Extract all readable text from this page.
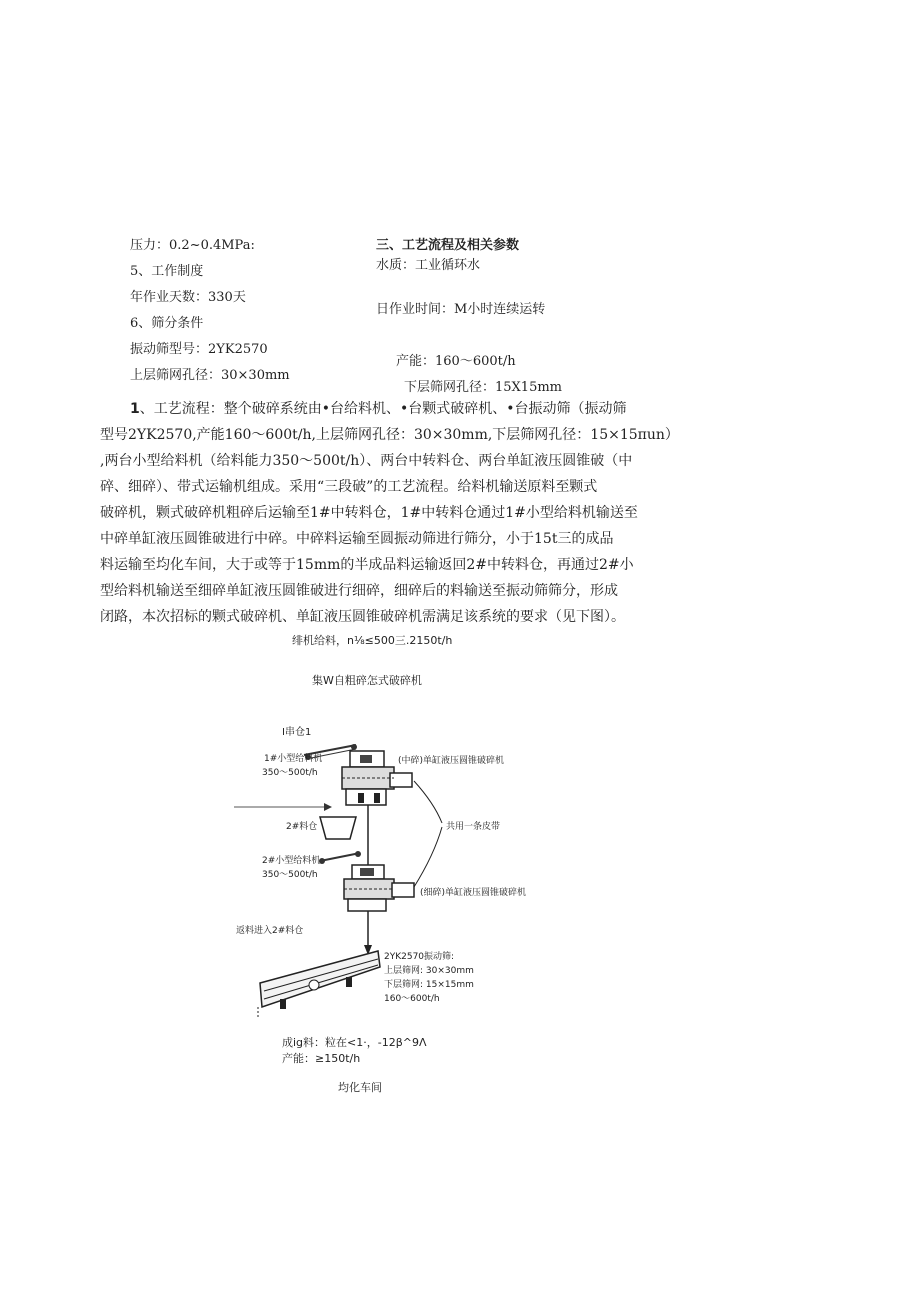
压力：0.2~0.4MPa:
5、工作制度
年作业天数：330天
6、筛分条件
振动筛型号：2YK2570
上层筛网孔径：30×30mm
三、工艺流程及相关参数
水质：工业循环水
日作业时间：M小时连续运转
产能：160～600t∕h
下层筛网孔径：15X15mm
1、工艺流程：整个破碎系统由•台给料机、•台颗式破碎机、•台振动筛（振动筛
型号2YK2570,产能160～600t∕h,上层筛网孔径：30×30mm,下层筛网孔径：15×15πun）
,两台小型给料机（给料能力350～500t∕h）、两台中转料仓、两台单缸液压圆锥破（中
碎、细碎）、带式运输机组成。采用“三段破”的工艺流程。给料机输送原料至颗式
破碎机，颗式破碎机粗碎后运输至1#中转料仓，1#中转料仓通过1#小型给料机输送至
中碎单缸液压圆锥破进行中碎。中碎料运输至圆振动筛进行筛分，小于15t三的成品
料运输至均化车间，大于或等于15mm的半成品料运输返回2#中转料仓，再通过2#小
型给料机输送至细碎单缸液压圆锥破进行细碎，细碎后的料输送至振动筛筛分，形成
闭路，本次招标的颗式破碎机、单缸液压圆锥破碎机需满足该系统的要求（见下图）。
绯机给料，n⅛≤500三.2150t∕h
集W自粗碎怎式破碎机
I串仓1
1#小型给料机
350～500t/h
(中碎)单缸液压圆锥破碎机
2#料仓	共用一条皮带
2#小型给料机
350～500t/h
(细碎)单缸液压圆锥破碎机
返料进入2#料仓
2YK2570振动筛:
上层筛网: 30×30mm
下层筛网: 15×15mm
160～600t/h
成ig料：粒在<1·，-12β^9Λ
产能：≥150t∕h
均化车间
